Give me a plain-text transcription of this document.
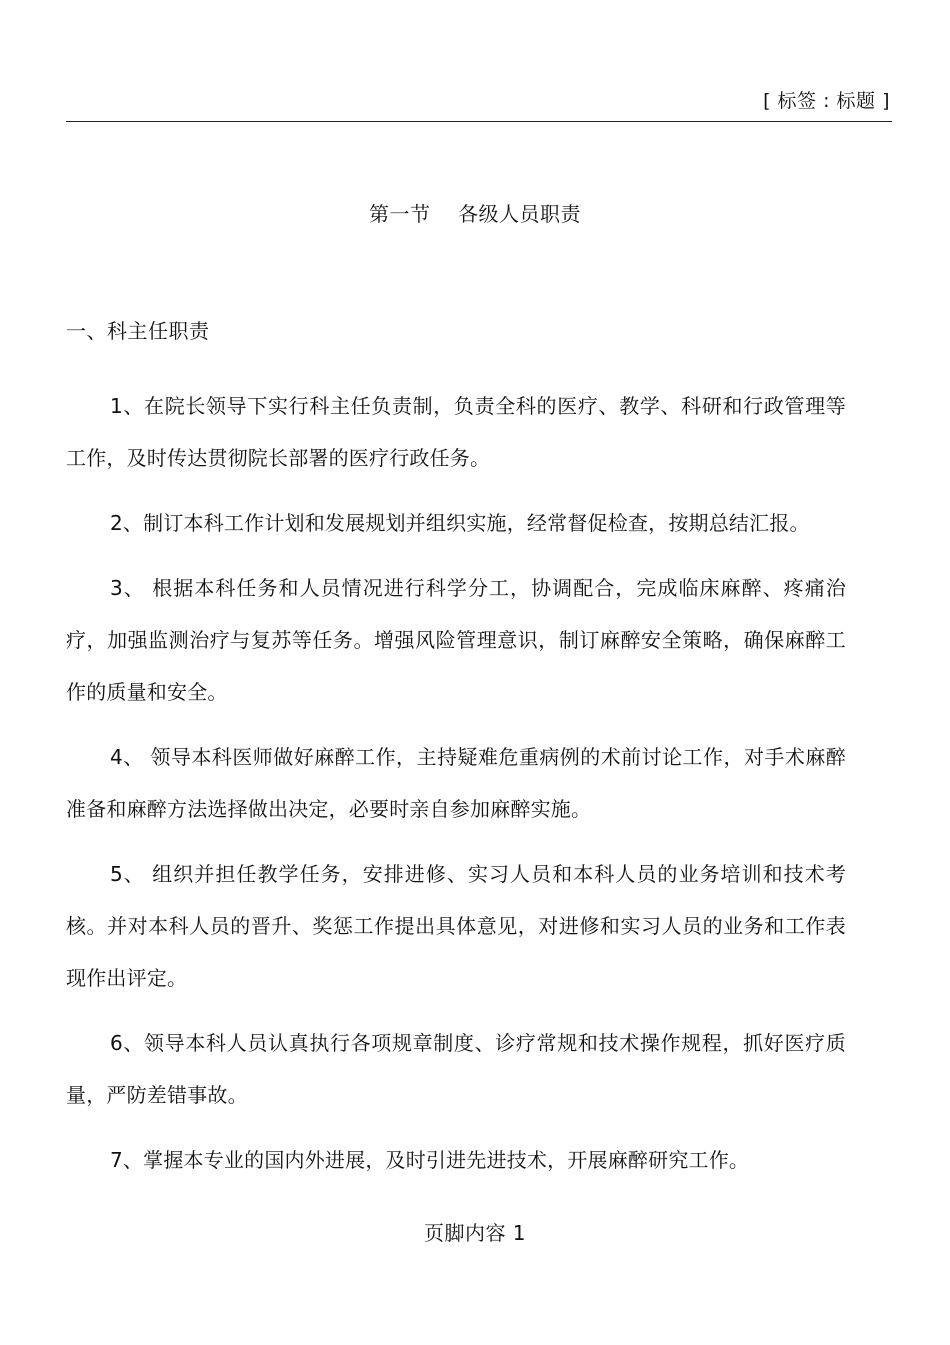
[ 标签 : 标题 ]
第一节    各级人员职责
一、科主任职责

1、在院长领导下实行科主任负责制，负责全科的医疗、教学、科研和行政管理等工作，及时传达贯彻院长部署的医疗行政任务。

2、制订本科工作计划和发展规划并组织实施，经常督促检查，按期总结汇报。

3、 根据本科任务和人员情况进行科学分工，协调配合，完成临床麻醉、疼痛治疗，加强监测治疗与复苏等任务。增强风险管理意识，制订麻醉安全策略，确保麻醉工作的质量和安全。

4、 领导本科医师做好麻醉工作，主持疑难危重病例的术前讨论工作，对手术麻醉准备和麻醉方法选择做出决定，必要时亲自参加麻醉实施。

5、 组织并担任教学任务，安排进修、实习人员和本科人员的业务培训和技术考核。并对本科人员的晋升、奖惩工作提出具体意见，对进修和实习人员的业务和工作表现作出评定。

6、领导本科人员认真执行各项规章制度、诊疗常规和技术操作规程，抓好医疗质量，严防差错事故。

7、掌握本专业的国内外进展，及时引进先进技术，开展麻醉研究工作。

页脚内容 1
